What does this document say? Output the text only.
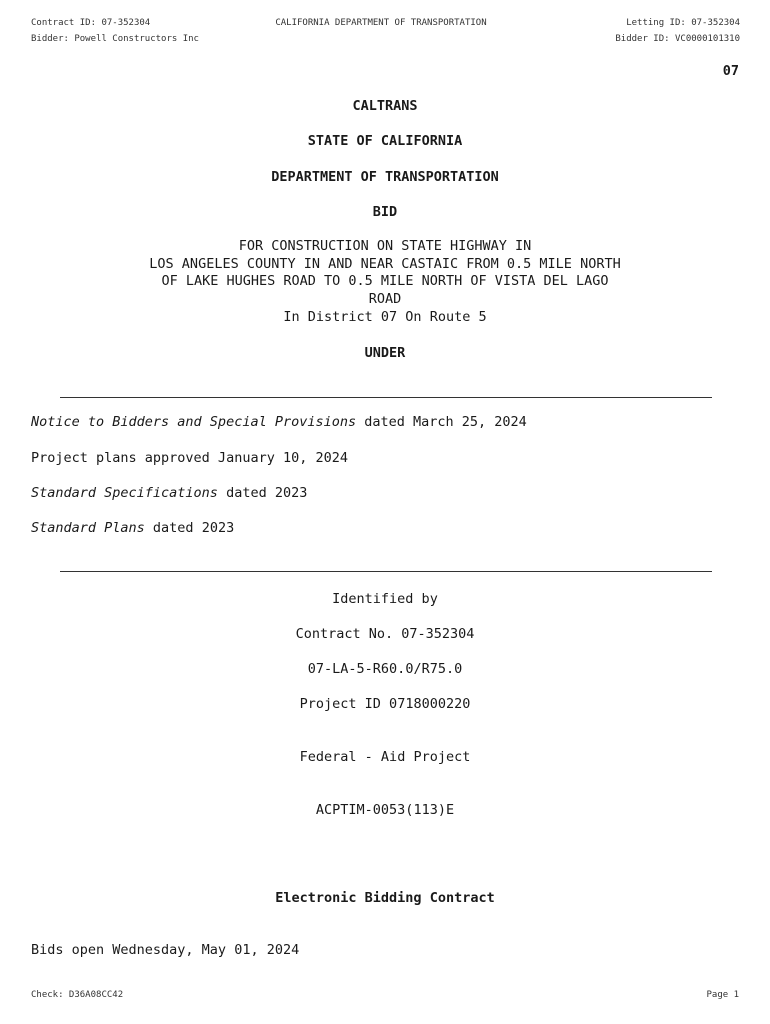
Contract ID: 07-352304	CALIFORNIA DEPARTMENT OF TRANSPORTATION	Letting ID: 07-352304
Bidder: Powell Constructors Inc	Bidder ID: VC0000101310
07
CALTRANS
STATE OF CALIFORNIA
DEPARTMENT OF TRANSPORTATION
BID
FOR CONSTRUCTION ON STATE HIGHWAY IN
LOS ANGELES COUNTY IN AND NEAR CASTAIC FROM 0.5 MILE NORTH
OF LAKE HUGHES ROAD TO 0.5 MILE NORTH OF VISTA DEL LAGO
ROAD
In District 07 On Route 5
UNDER
Notice to Bidders and Special Provisions dated March 25, 2024
Project plans approved January 10, 2024
Standard Specifications dated 2023
Standard Plans dated 2023
Identified by
Contract No. 07-352304
07-LA-5-R60.0/R75.0
Project ID 0718000220
Federal - Aid Project
ACPTIM-0053(113)E
Electronic Bidding Contract
Bids open Wednesday, May 01, 2024
Check: D36A08CC42	Page 1
